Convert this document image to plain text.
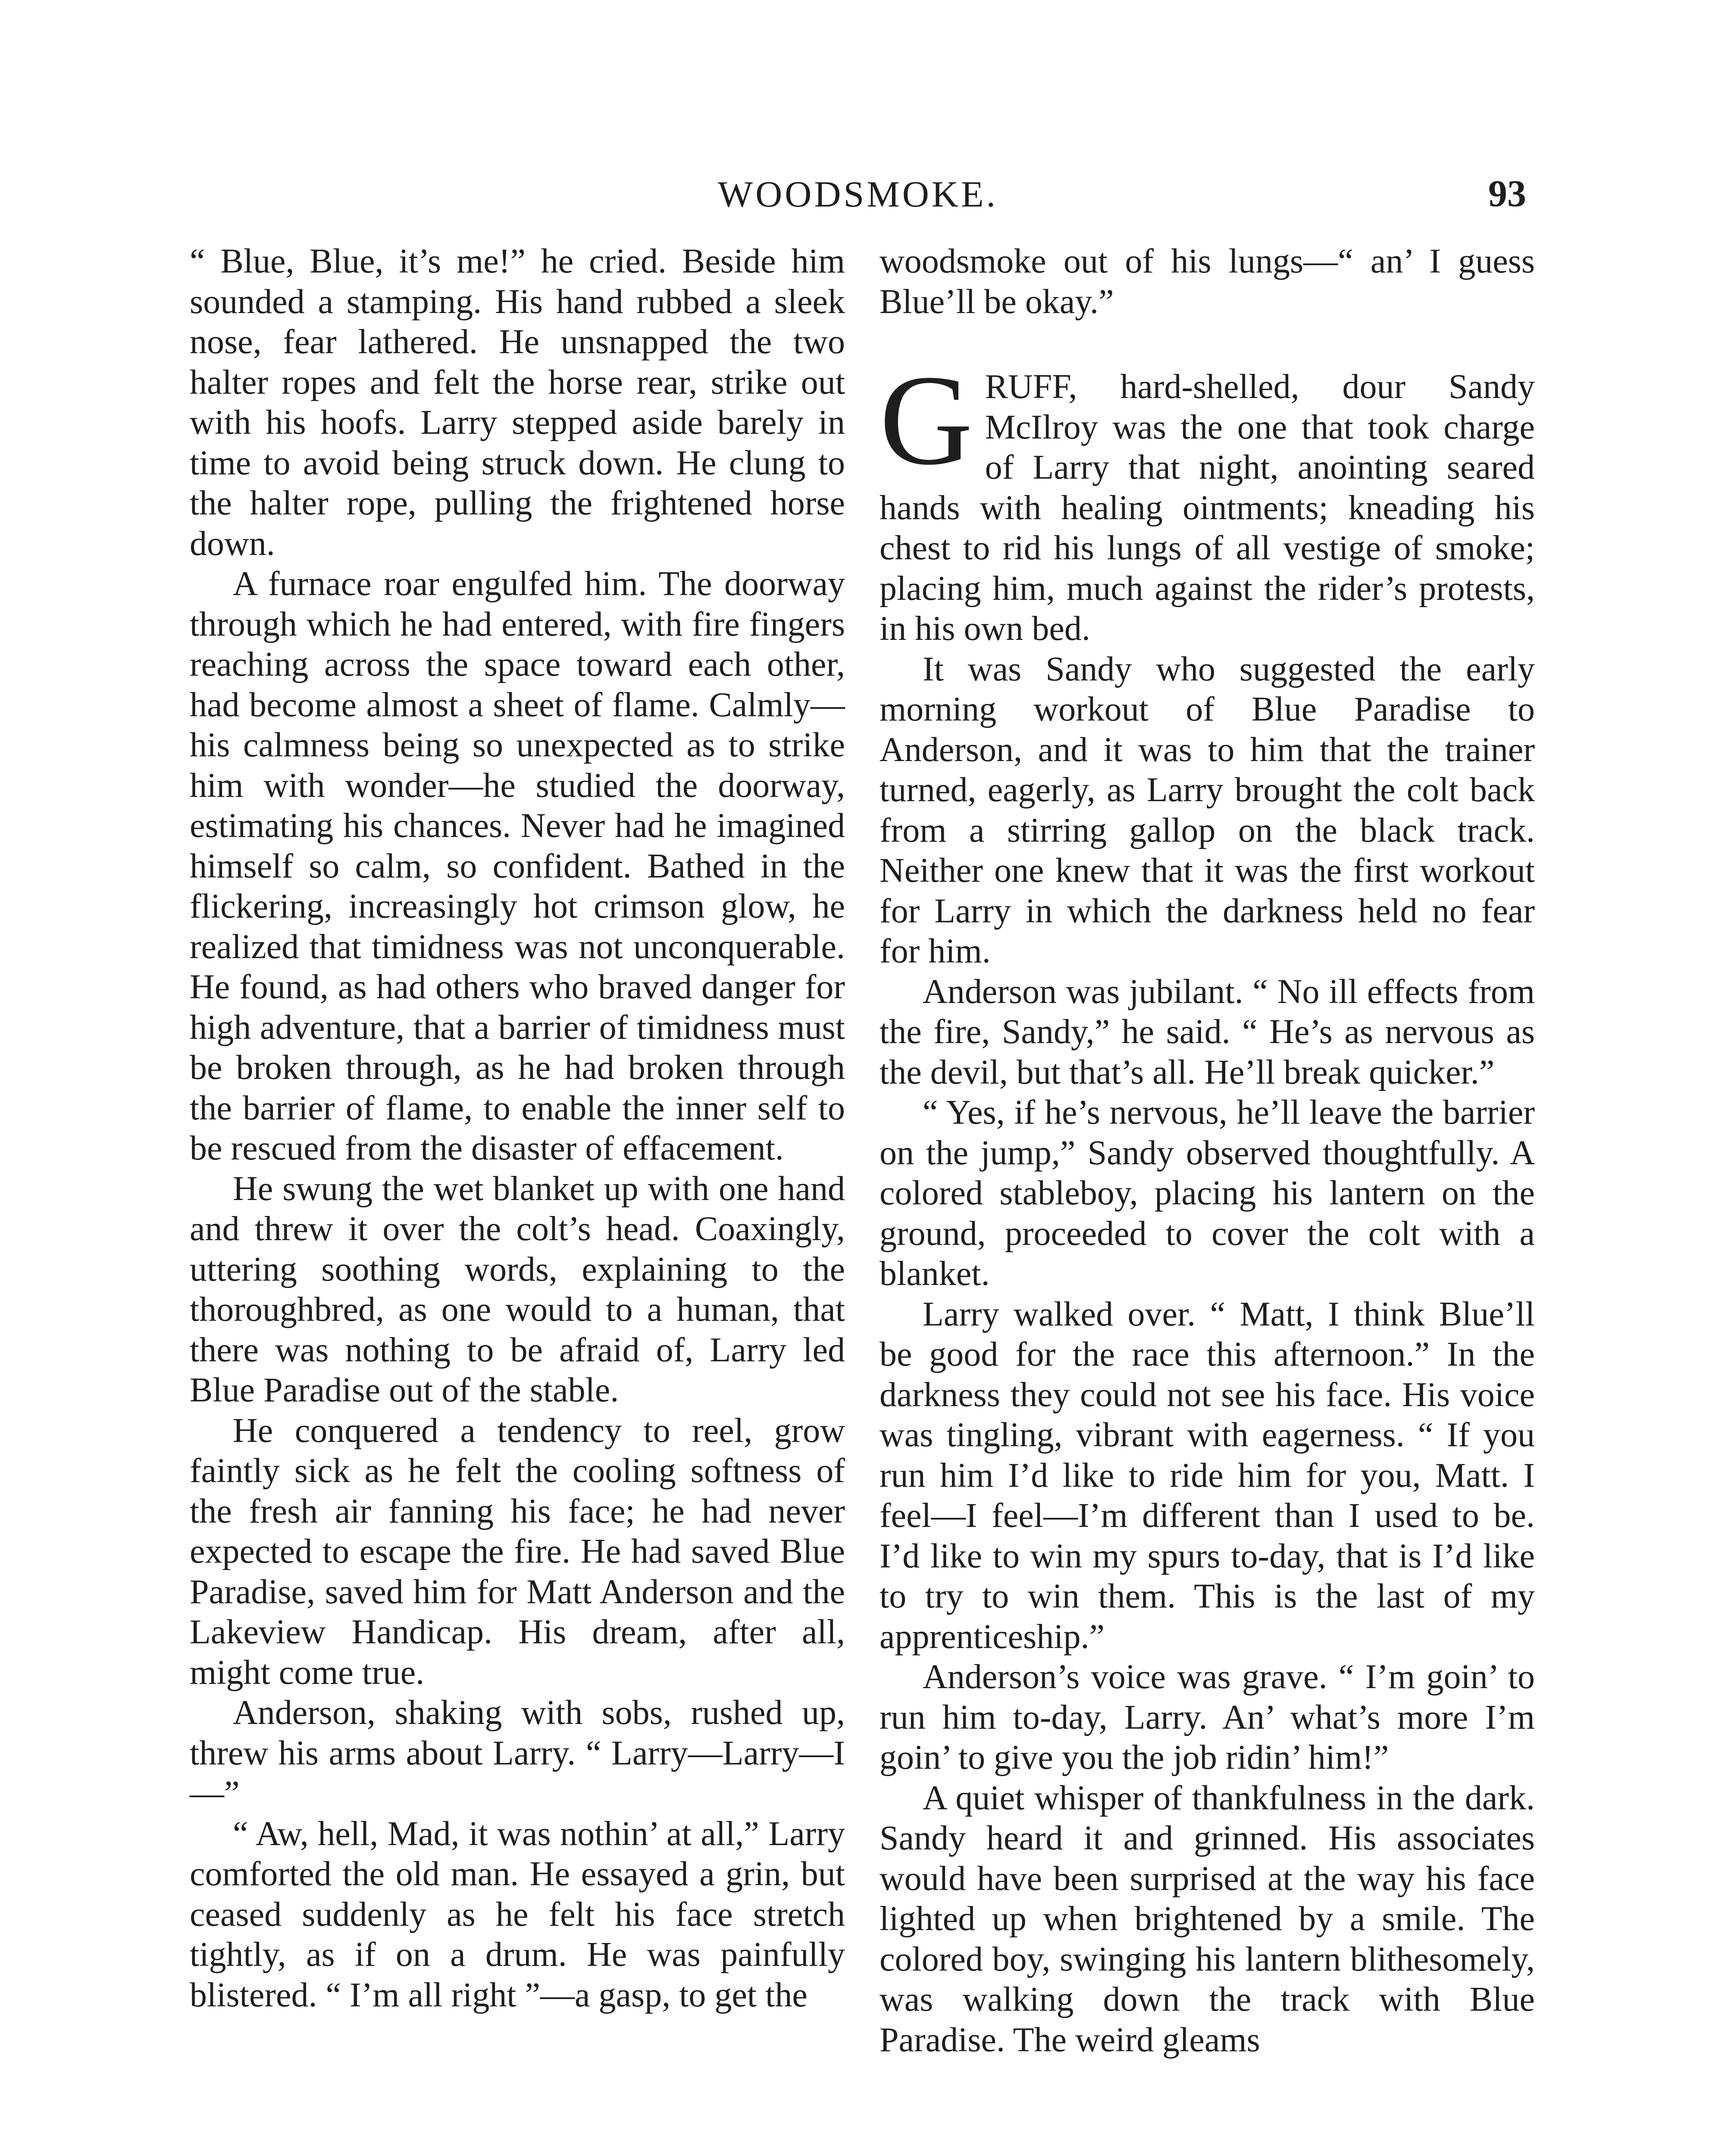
WOODSMOKE.	93

“ Blue, Blue, it’s me!” he cried. Beside him sounded a stamping. His hand rubbed a sleek nose, fear lathered. He unsnapped the two halter ropes and felt the horse rear, strike out with his hoofs. Larry stepped aside barely in time to avoid being struck down. He clung to the halter rope, pulling the frightened horse down.

A furnace roar engulfed him. The doorway through which he had entered, with fire fingers reaching across the space toward each other, had become almost a sheet of flame. Calmly—his calmness being so unexpected as to strike him with wonder—he studied the doorway, estimating his chances. Never had he imagined himself so calm, so confident. Bathed in the flickering, increasingly hot crimson glow, he realized that timidness was not unconquerable. He found, as had others who braved danger for high adventure, that a barrier of timidness must be broken through, as he had broken through the barrier of flame, to enable the inner self to be rescued from the disaster of effacement.

He swung the wet blanket up with one hand and threw it over the colt’s head. Coaxingly, uttering soothing words, explaining to the thoroughbred, as one would to a human, that there was nothing to be afraid of, Larry led Blue Paradise out of the stable.

He conquered a tendency to reel, grow faintly sick as he felt the cooling softness of the fresh air fanning his face; he had never expected to escape the fire. He had saved Blue Paradise, saved him for Matt Anderson and the Lakeview Handicap. His dream, after all, might come true.

Anderson, shaking with sobs, rushed up, threw his arms about Larry. “ Larry—Larry—I—”

“ Aw, hell, Mad, it was nothin’ at all,” Larry comforted the old man. He essayed a grin, but ceased suddenly as he felt his face stretch tightly, as if on a drum. He was painfully blistered. “ I’m all right ”—a gasp, to get the

woodsmoke out of his lungs—“ an’ I guess Blue’ll be okay.”

GRUFF, hard-shelled, dour Sandy McIlroy was the one that took charge of Larry that night, anointing seared hands with healing ointments; kneading his chest to rid his lungs of all vestige of smoke; placing him, much against the rider’s protests, in his own bed.

It was Sandy who suggested the early morning workout of Blue Paradise to Anderson, and it was to him that the trainer turned, eagerly, as Larry brought the colt back from a stirring gallop on the black track. Neither one knew that it was the first workout for Larry in which the darkness held no fear for him.

Anderson was jubilant. “ No ill effects from the fire, Sandy,” he said. “ He’s as nervous as the devil, but that’s all. He’ll break quicker.”

“ Yes, if he’s nervous, he’ll leave the barrier on the jump,” Sandy observed thoughtfully. A colored stableboy, placing his lantern on the ground, proceeded to cover the colt with a blanket.

Larry walked over. “ Matt, I think Blue’ll be good for the race this afternoon.” In the darkness they could not see his face. His voice was tingling, vibrant with eagerness. “ If you run him I’d like to ride him for you, Matt. I feel—I feel—I’m different than I used to be. I’d like to win my spurs to-day, that is I’d like to try to win them. This is the last of my apprenticeship.”

Anderson’s voice was grave. “ I’m goin’ to run him to-day, Larry. An’ what’s more I’m goin’ to give you the job ridin’ him!”

A quiet whisper of thankfulness in the dark. Sandy heard it and grinned. His associates would have been surprised at the way his face lighted up when brightened by a smile. The colored boy, swinging his lantern blithesomely, was walking down the track with Blue Paradise. The weird gleams
